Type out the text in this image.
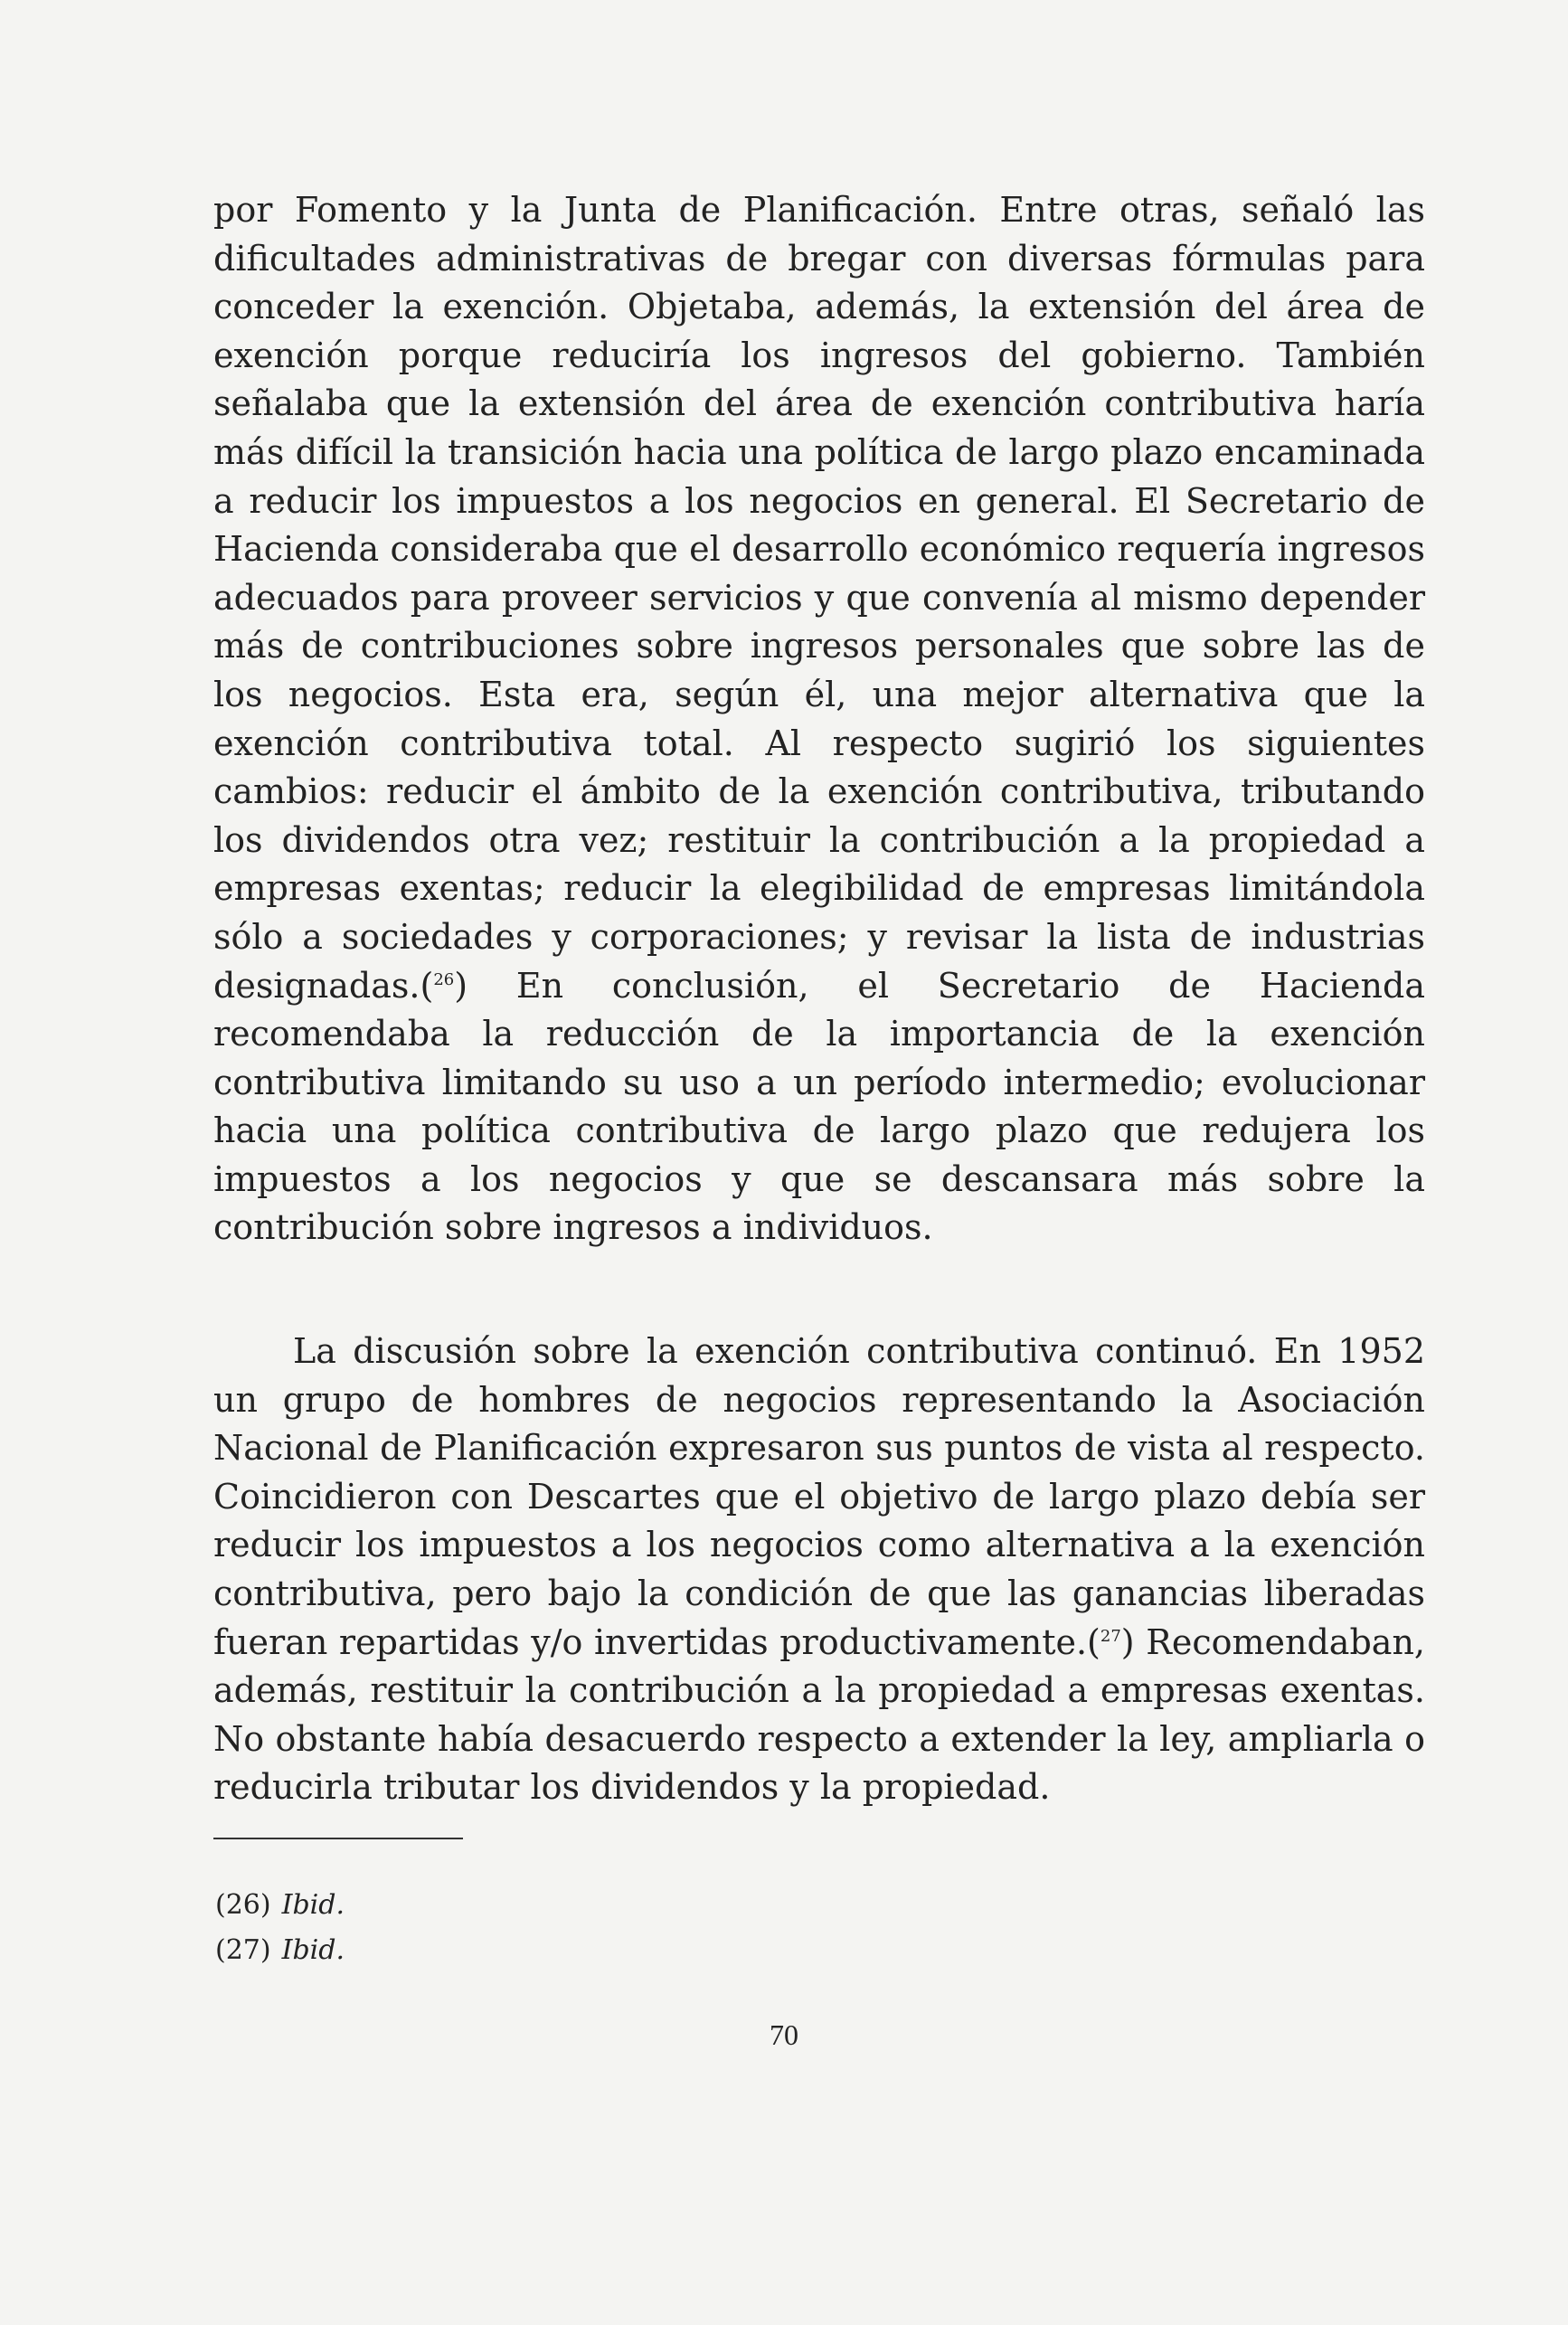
por Fomento y la Junta de Planificación. Entre otras, señaló las dificultades administrativas de bregar con diversas fórmulas para conceder la exención. Objetaba, además, la extensión del área de exención porque reduciría los ingresos del gobierno. También señalaba que la extensión del área de exención contributiva haría más difícil la transición hacia una política de largo plazo encaminada a reducir los impuestos a los negocios en general. El Secretario de Hacienda consideraba que el desarrollo económico requería ingresos adecuados para proveer servicios y que convenía al mismo depender más de contribuciones sobre ingresos personales que sobre las de los negocios. Esta era, según él, una mejor alternativa que la exención contributiva total. Al respecto sugirió los siguientes cambios: reducir el ámbito de la exención contributiva, tributando los dividendos otra vez; restituir la contribución a la propiedad a empresas exentas; reducir la elegibilidad de empresas limitándola sólo a sociedades y corporaciones; y revisar la lista de industrias designadas.($^{26}$) En conclusión, el Secretario de Hacienda recomendaba la reducción de la importancia de la exención contributiva limitando su uso a un período intermedio; evolucionar hacia una política contributiva de largo plazo que redujera los impuestos a los negocios y que se descansara más sobre la contribución sobre ingresos a individuos.

La discusión sobre la exención contributiva continuó. En 1952 un grupo de hombres de negocios representando la Asociación Nacional de Planificación expresaron sus puntos de vista al respecto. Coincidieron con Descartes que el objetivo de largo plazo debía ser reducir los impuestos a los negocios como alternativa a la exención contributiva, pero bajo la condición de que las ganancias liberadas fueran repartidas y/o invertidas productivamente.($^{27}$) Recomendaban, además, restituir la contribución a la propiedad a empresas exentas. No obstante había desacuerdo respecto a extender la ley, ampliarla o reducirla tributar los dividendos y la propiedad.

(26) Ibid.
(27) Ibid.
70
